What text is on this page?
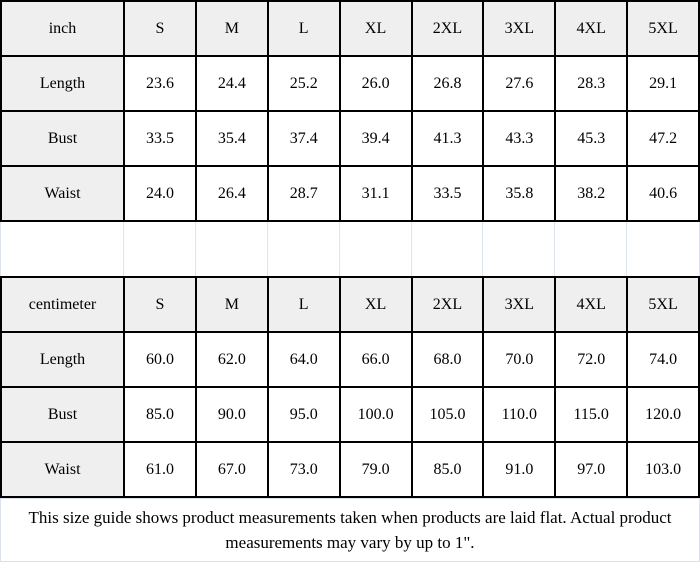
inch	S	M	L	XL	2XL	3XL	4XL	5XL
Length	23.6	24.4	25.2	26.0	26.8	27.6	28.3	29.1
Bust	33.5	35.4	37.4	39.4	41.3	43.3	45.3	47.2
Waist	24.0	26.4	28.7	31.1	33.5	35.8	38.2	40.6
centimeter	S	M	L	XL	2XL	3XL	4XL	5XL
Length	60.0	62.0	64.0	66.0	68.0	70.0	72.0	74.0
Bust	85.0	90.0	95.0	100.0	105.0	110.0	115.0	120.0
Waist	61.0	67.0	73.0	79.0	85.0	91.0	97.0	103.0
This size guide shows product measurements taken when products are laid flat. Actual product measurements may vary by up to 1".
